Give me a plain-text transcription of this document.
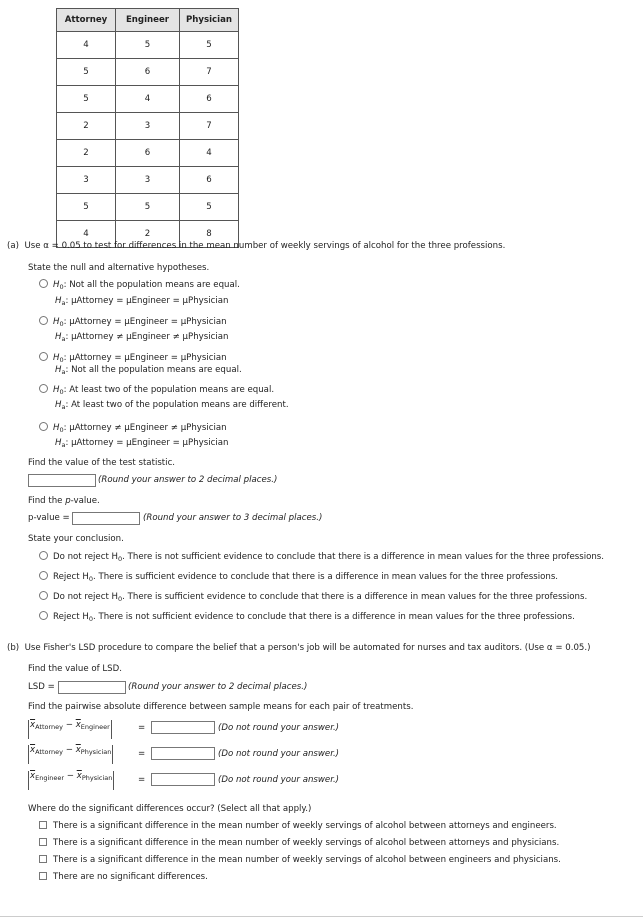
Attorney	Engineer	Physician
4	5	5
5	6	7
5	4	6
2	3	7
2	6	4
3	3	6
5	5	5
4	2	8
(a) Use α = 0.05 to test for differences in the mean number of weekly servings of alcohol for the three professions.
State the null and alternative hypotheses.
$H_0$: Not all the population means are equal.
$H_a$: μAttorney = μEngineer = μPhysician
$H_0$: μAttorney = μEngineer = μPhysician
$H_a$: μAttorney ≠ μEngineer ≠ μPhysician
$H_0$: μAttorney = μEngineer = μPhysician
$H_a$: Not all the population means are equal.
$H_0$: At least two of the population means are equal.
$H_a$: At least two of the population means are different.
$H_0$: μAttorney ≠ μEngineer ≠ μPhysician
$H_a$: μAttorney = μEngineer = μPhysician
Find the value of the test statistic.
(Round your answer to 2 decimal places.)
Find the p-value.
p-value =	(Round your answer to 3 decimal places.)
State your conclusion.
Do not reject $H_0$. There is not sufficient evidence to conclude that there is a difference in mean values for the three professions.
Reject $H_0$. There is sufficient evidence to conclude that there is a difference in mean values for the three professions.
Do not reject $H_0$. There is sufficient evidence to conclude that there is a difference in mean values for the three professions.
Reject $H_0$. There is not sufficient evidence to conclude that there is a difference in mean values for the three professions.
(b) Use Fisher's LSD procedure to compare the belief that a person's job will be automated for nurses and tax auditors. (Use α = 0.05.)
Find the value of LSD.
LSD =	(Round your answer to 2 decimal places.)
Find the pairwise absolute difference between sample means for each pair of treatments.
$\overline{x}_{Attorney} - \overline{x}_{Engineer}$	=	(Do not round your answer.)
$\overline{x}_{Attorney} - \overline{x}_{Physician}$	=	(Do not round your answer.)
$\overline{x}_{Engineer} - \overline{x}_{Physician}$	=	(Do not round your answer.)
Where do the significant differences occur? (Select all that apply.)
There is a significant difference in the mean number of weekly servings of alcohol between attorneys and engineers.
There is a significant difference in the mean number of weekly servings of alcohol between attorneys and physicians.
There is a significant difference in the mean number of weekly servings of alcohol between engineers and physicians.
There are no significant differences.
